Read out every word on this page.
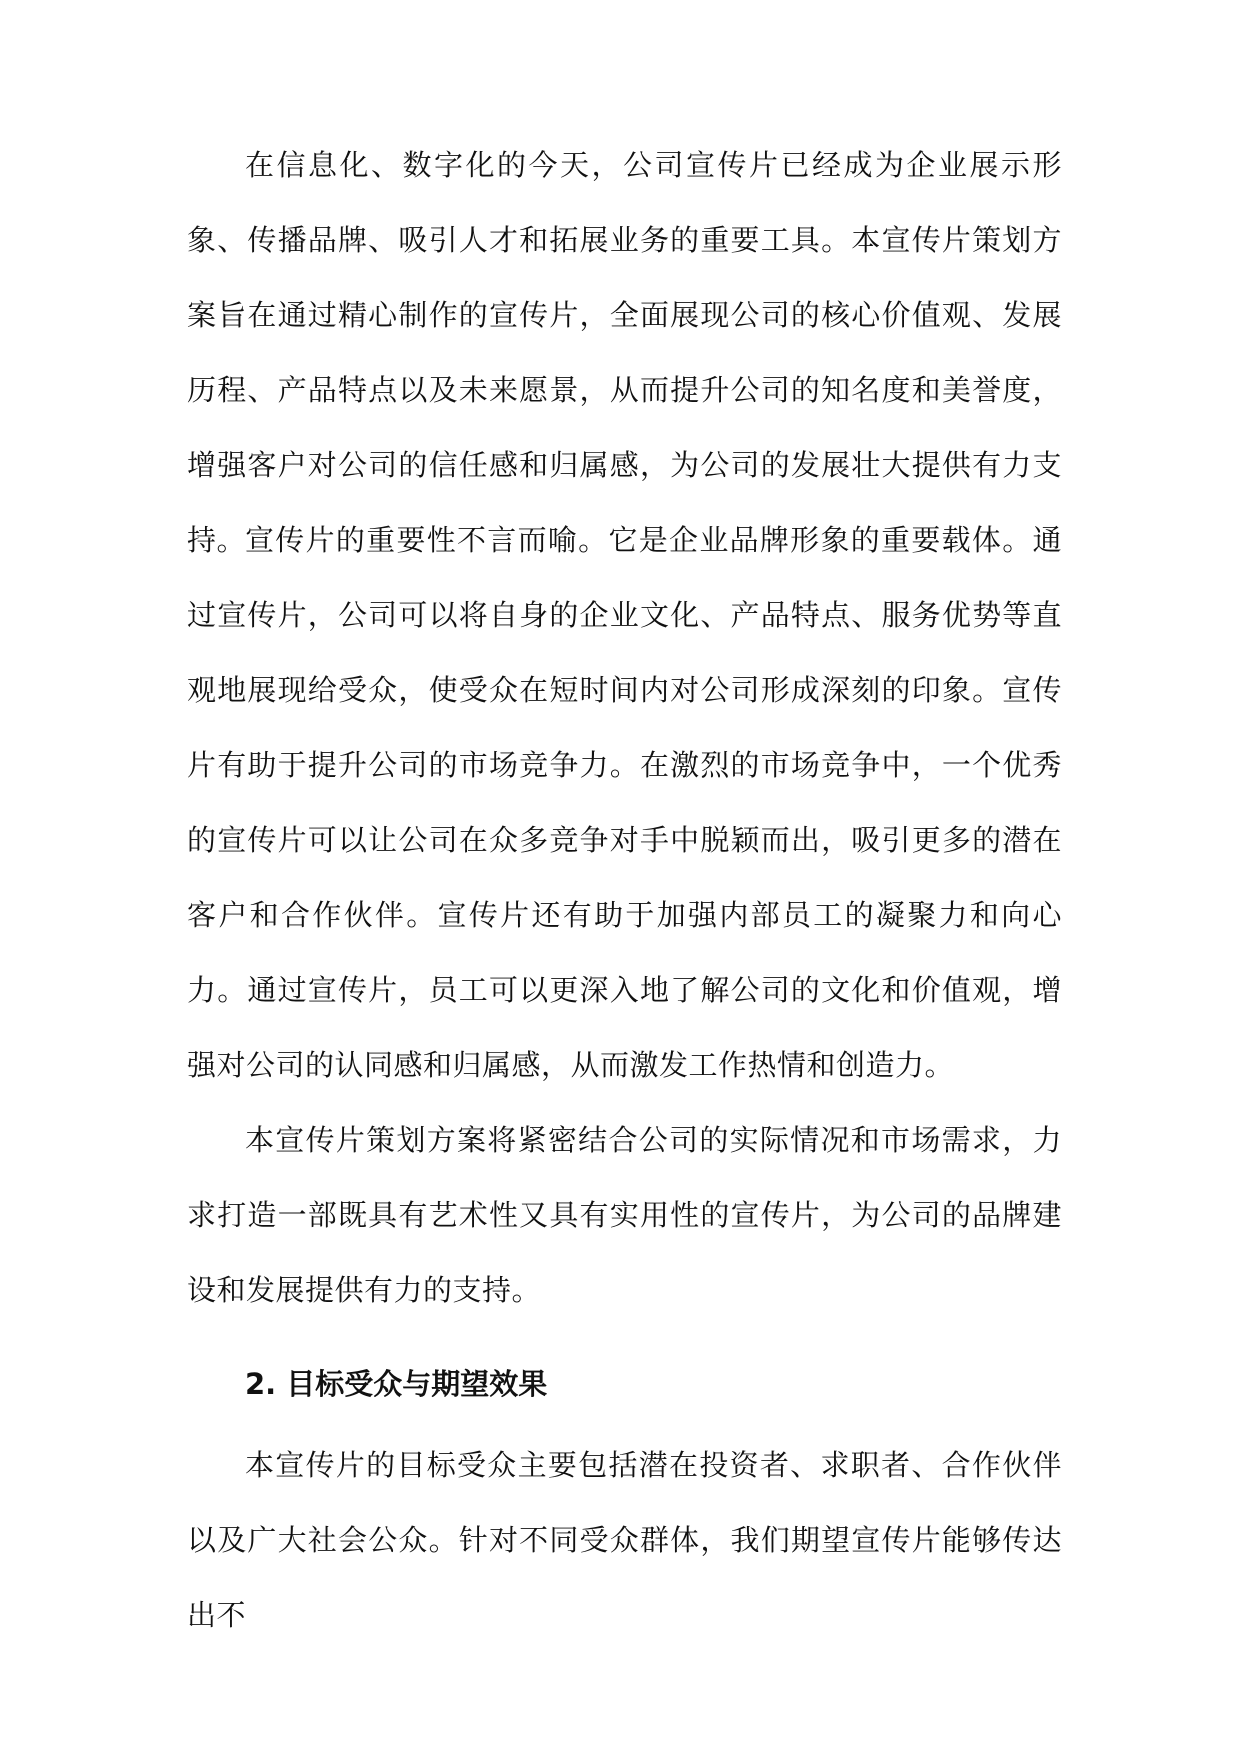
在信息化、数字化的今天，公司宣传片已经成为企业展示形象、传播品牌、吸引人才和拓展业务的重要工具。本宣传片策划方案旨在通过精心制作的宣传片，全面展现公司的核心价值观、发展历程、产品特点以及未来愿景，从而提升公司的知名度和美誉度，增强客户对公司的信任感和归属感，为公司的发展壮大提供有力支持。

宣传片的重要性不言而喻。它是企业品牌形象的重要载体。通过宣传片，公司可以将自身的企业文化、产品特点、服务优势等直观地展现给受众，使受众在短时间内对公司形成深刻的印象。宣传片有助于提升公司的市场竞争力。在激烈的市场竞争中，一个优秀的宣传片可以让公司在众多竞争对手中脱颖而出，吸引更多的潜在客户和合作伙伴。宣传片还有助于加强内部员工的凝聚力和向心力。通过宣传片，员工可以更深入地了解公司的文化和价值观，增强对公司的认同感和归属感，从而激发工作热情和创造力。

本宣传片策划方案将紧密结合公司的实际情况和市场需求，力求打造一部既具有艺术性又具有实用性的宣传片，为公司的品牌建设和发展提供有力的支持。

2. 目标受众与期望效果

本宣传片的目标受众主要包括潜在投资者、求职者、合作伙伴以及广大社会公众。针对不同受众群体，我们期望宣传片能够传达出不
